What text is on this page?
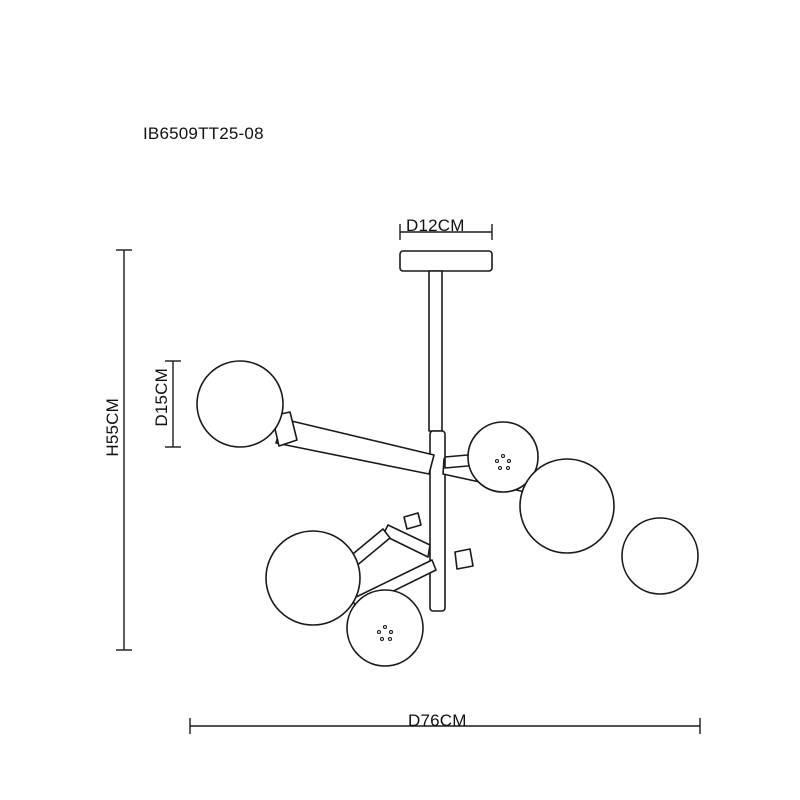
IB6509TT25-08
D12CM
H55CM
D15CM
D76CM
